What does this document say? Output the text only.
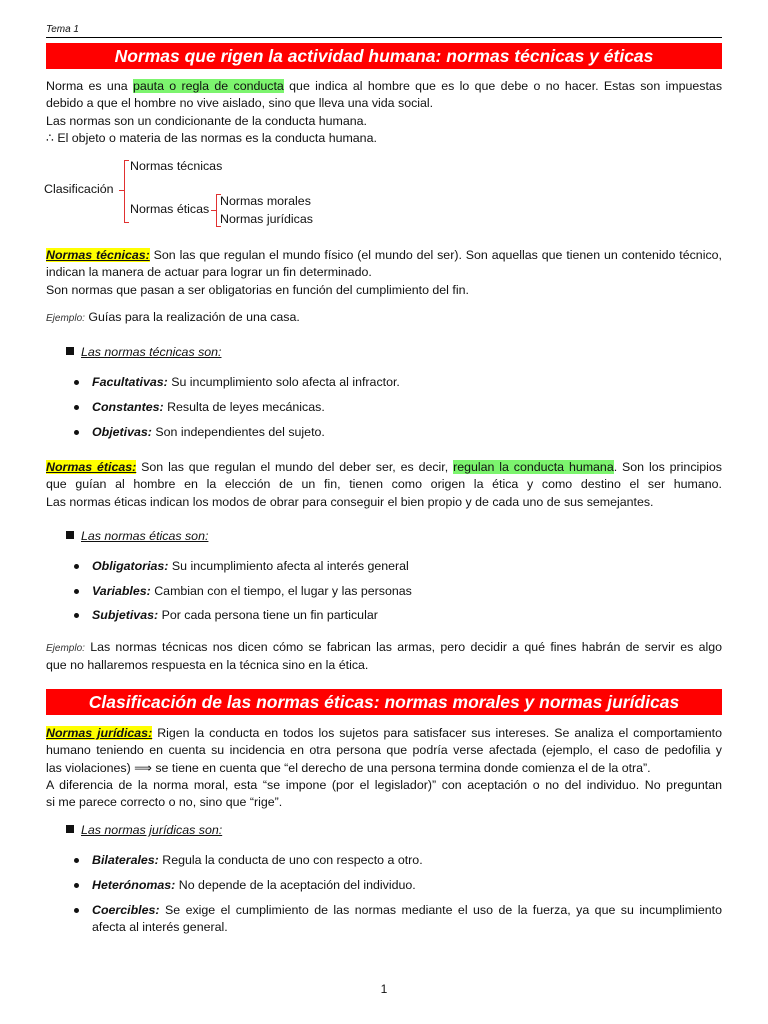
Tema 1
Normas que rigen la actividad humana: normas técnicas y éticas
Norma es una pauta o regla de conducta que indica al hombre que es lo que debe o no hacer. Estas son impuestas
debido a que el hombre no vive aislado, sino que lleva una vida social.
Las normas son un condicionante de la conducta humana.
∴ El objeto o materia de las normas es la conducta humana.
Clasificación
Normas técnicas
Normas éticas
Normas morales
Normas jurídicas
Normas técnicas: Son las que regulan el mundo físico (el mundo del ser). Son aquellas que tienen un contenido técnico,
indican la manera de actuar para lograr un fin determinado.
Son normas que pasan a ser obligatorias en función del cumplimiento del fin.
Ejemplo: Guías para la realización de una casa.
Las normas técnicas son:
Facultativas: Su incumplimiento solo afecta al infractor.
Constantes: Resulta de leyes mecánicas.
Objetivas: Son independientes del sujeto.
Normas éticas: Son las que regulan el mundo del deber ser, es decir, regulan la conducta humana. Son los principios
que guían al hombre en la elección de un fin, tienen como origen la ética y como destino el ser humano.
Las normas éticas indican los modos de obrar para conseguir el bien propio y de cada uno de sus semejantes.
Las normas éticas son:
Obligatorias: Su incumplimiento afecta al interés general
Variables: Cambian con el tiempo, el lugar y las personas
Subjetivas: Por cada persona tiene un fin particular
Ejemplo: Las normas técnicas nos dicen cómo se fabrican las armas, pero decidir a qué fines habrán de servir es algo
que no hallaremos respuesta en la técnica sino en la ética.
Clasificación de las normas éticas: normas morales y normas jurídicas
Normas jurídicas: Rigen la conducta en todos los sujetos para satisfacer sus intereses. Se analiza el comportamiento
humano teniendo en cuenta su incidencia en otra persona que podría verse afectada (ejemplo, el caso de pedofilia y
las violaciones) ⟹ se tiene en cuenta que “el derecho de una persona termina donde comienza el de la otra”.
A diferencia de la norma moral, esta “se impone (por el legislador)” con aceptación o no del individuo. No preguntan
si me parece correcto o no, sino que “rige”.
Las normas jurídicas son:
Bilaterales: Regula la conducta de uno con respecto a otro.
Heterónomas: No depende de la aceptación del individuo.
Coercibles: Se exige el cumplimiento de las normas mediante el uso de la fuerza, ya que su incumplimiento
afecta al interés general.
1
